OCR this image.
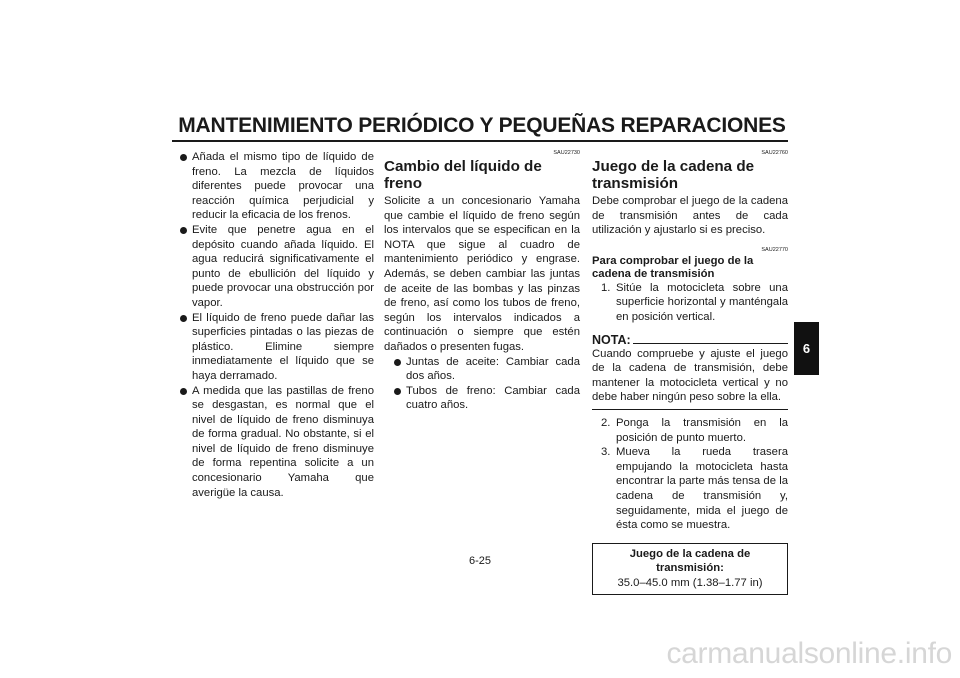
MANTENIMIENTO PERIÓDICO Y PEQUEÑAS REPARACIONES
Añada el mismo tipo de líquido de freno. La mezcla de líquidos diferentes puede provocar una reacción química perjudicial y reducir la eficacia de los frenos.
Evite que penetre agua en el depósito cuando añada líquido. El agua reducirá significativamente el punto de ebullición del líquido y puede provocar una obstrucción por vapor.
El líquido de freno puede dañar las superficies pintadas o las piezas de plástico. Elimine siempre inmediatamente el líquido que se haya derramado.
A medida que las pastillas de freno se desgastan, es normal que el nivel de líquido de freno disminuya de forma gradual. No obstante, si el nivel de líquido de freno disminuye de forma repentina solicite a un concesionario Yamaha que averigüe la causa.
SAU22730
Cambio del líquido de freno
Solicite a un concesionario Yamaha que cambie el líquido de freno según los intervalos que se especifican en la NOTA que sigue al cuadro de mantenimiento periódico y engrase. Además, se deben cambiar las juntas de aceite de las bombas y las pinzas de freno, así como los tubos de freno, según los intervalos indicados a continuación o siempre que estén dañados o presenten fugas.
Juntas de aceite: Cambiar cada dos años.
Tubos de freno: Cambiar cada cuatro años.
SAU22760
Juego de la cadena de transmisión
Debe comprobar el juego de la cadena de transmisión antes de cada utilización y ajustarlo si es preciso.
SAU22770
Para comprobar el juego de la cadena de transmisión
1. Sitúe la motocicleta sobre una superficie horizontal y manténgala en posición vertical.
NOTA:
Cuando compruebe y ajuste el juego de la cadena de transmisión, debe mantener la motocicleta vertical y no debe haber ningún peso sobre la ella.
2. Ponga la transmisión en la posición de punto muerto.
3. Mueva la rueda trasera empujando la motocicleta hasta encontrar la parte más tensa de la cadena de transmisión y, seguidamente, mida el juego de ésta como se muestra.
Juego de la cadena de transmisión:
35.0–45.0 mm (1.38–1.77 in)
6
6-25
carmanualsonline.info
